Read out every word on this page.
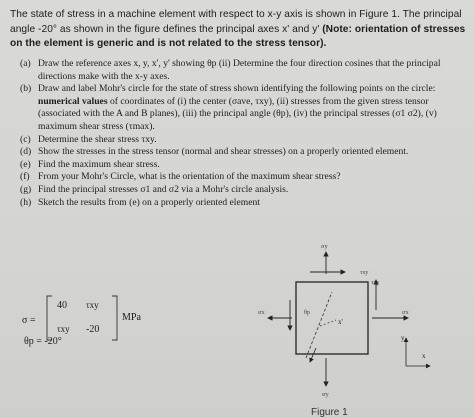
The state of stress in a machine element with respect to x-y axis is shown in Figure 1. The principal angle -20° as shown in the figure defines the principal axes x' and y' (Note: orientation of stresses on the element is generic and is not related to the stress tensor).
(a) Draw the reference axes x, y, x', y' showing θp (ii) Determine the four direction cosines that the principal directions make with the x-y axes.
(b) Draw and label Mohr's circle for the state of stress shown identifying the following points on the circle: numerical values of coordinates of (i) the center (σave, τxy), (ii) stresses from the given stress tensor (associated with the A and B planes), (iii) the principal angle (θp), (iv) the principal stresses (σ1 σ2), (v) maximum shear stress (τmax).
(c) Determine the shear stress τxy.
(d) Show the stresses in the stress tensor (normal and shear stresses) on a properly oriented element.
(e) Find the maximum shear stress.
(f) From your Mohr's Circle, what is the orientation of the maximum shear stress?
(g) Find the principal stresses σ1 and σ2 via a Mohr's circle analysis.
(h) Sketch the results from (e) on a properly oriented element
σ =
40 τxy
τxy -20
MPa
θp = -20°
σy
τxy
τxy
σx	σx
x'
θp
y
x
σy
Figure 1
